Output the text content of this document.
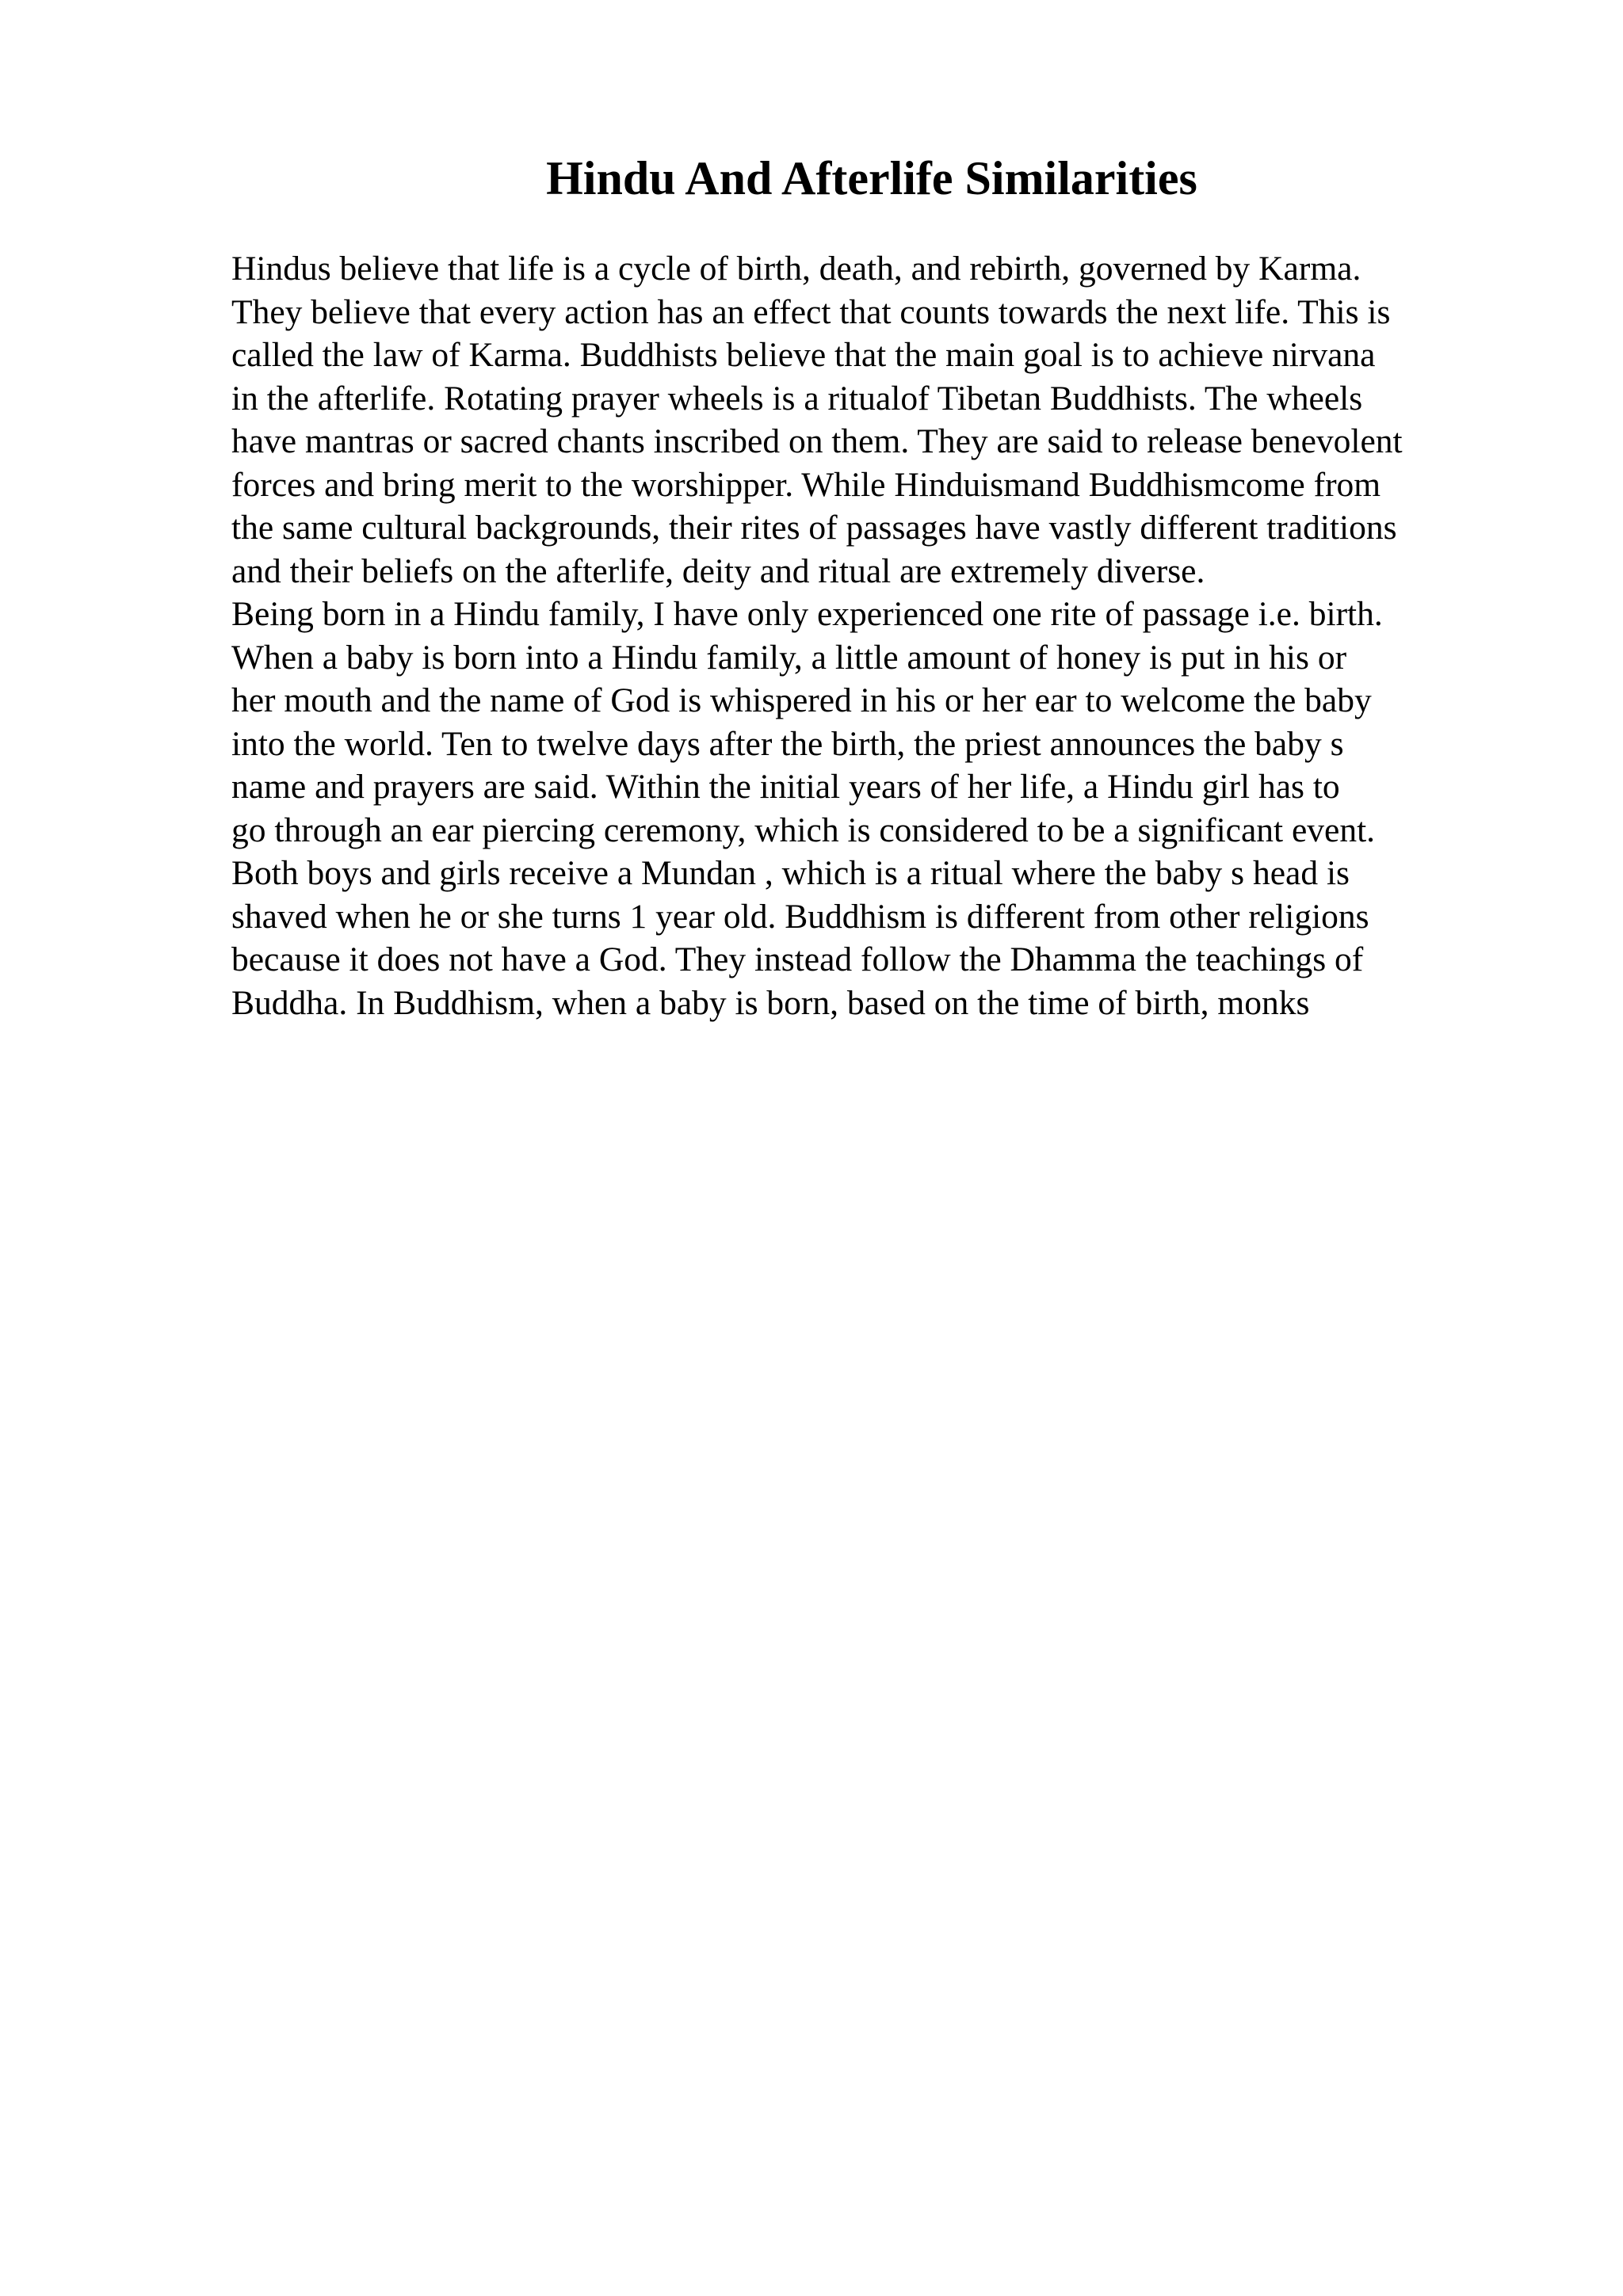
Hindu And Afterlife Similarities
Hindus believe that life is a cycle of birth, death, and rebirth, governed by Karma.
They believe that every action has an effect that counts towards the next life. This is
called the law of Karma. Buddhists believe that the main goal is to achieve nirvana
in the afterlife. Rotating prayer wheels is a ritualof Tibetan Buddhists. The wheels
have mantras or sacred chants inscribed on them. They are said to release benevolent
forces and bring merit to the worshipper. While Hinduismand Buddhismcome from
the same cultural backgrounds, their rites of passages have vastly different traditions
and their beliefs on the afterlife, deity and ritual are extremely diverse.
Being born in a Hindu family, I have only experienced one rite of passage i.e. birth.
When a baby is born into a Hindu family, a little amount of honey is put in his or
her mouth and the name of God is whispered in his or her ear to welcome the baby
into the world. Ten to twelve days after the birth, the priest announces the baby s
name and prayers are said. Within the initial years of her life, a Hindu girl has to
go through an ear piercing ceremony, which is considered to be a significant event.
Both boys and girls receive a Mundan , which is a ritual where the baby s head is
shaved when he or she turns 1 year old. Buddhism is different from other religions
because it does not have a God. They instead follow the Dhamma the teachings of
Buddha. In Buddhism, when a baby is born, based on the time of birth, monks
